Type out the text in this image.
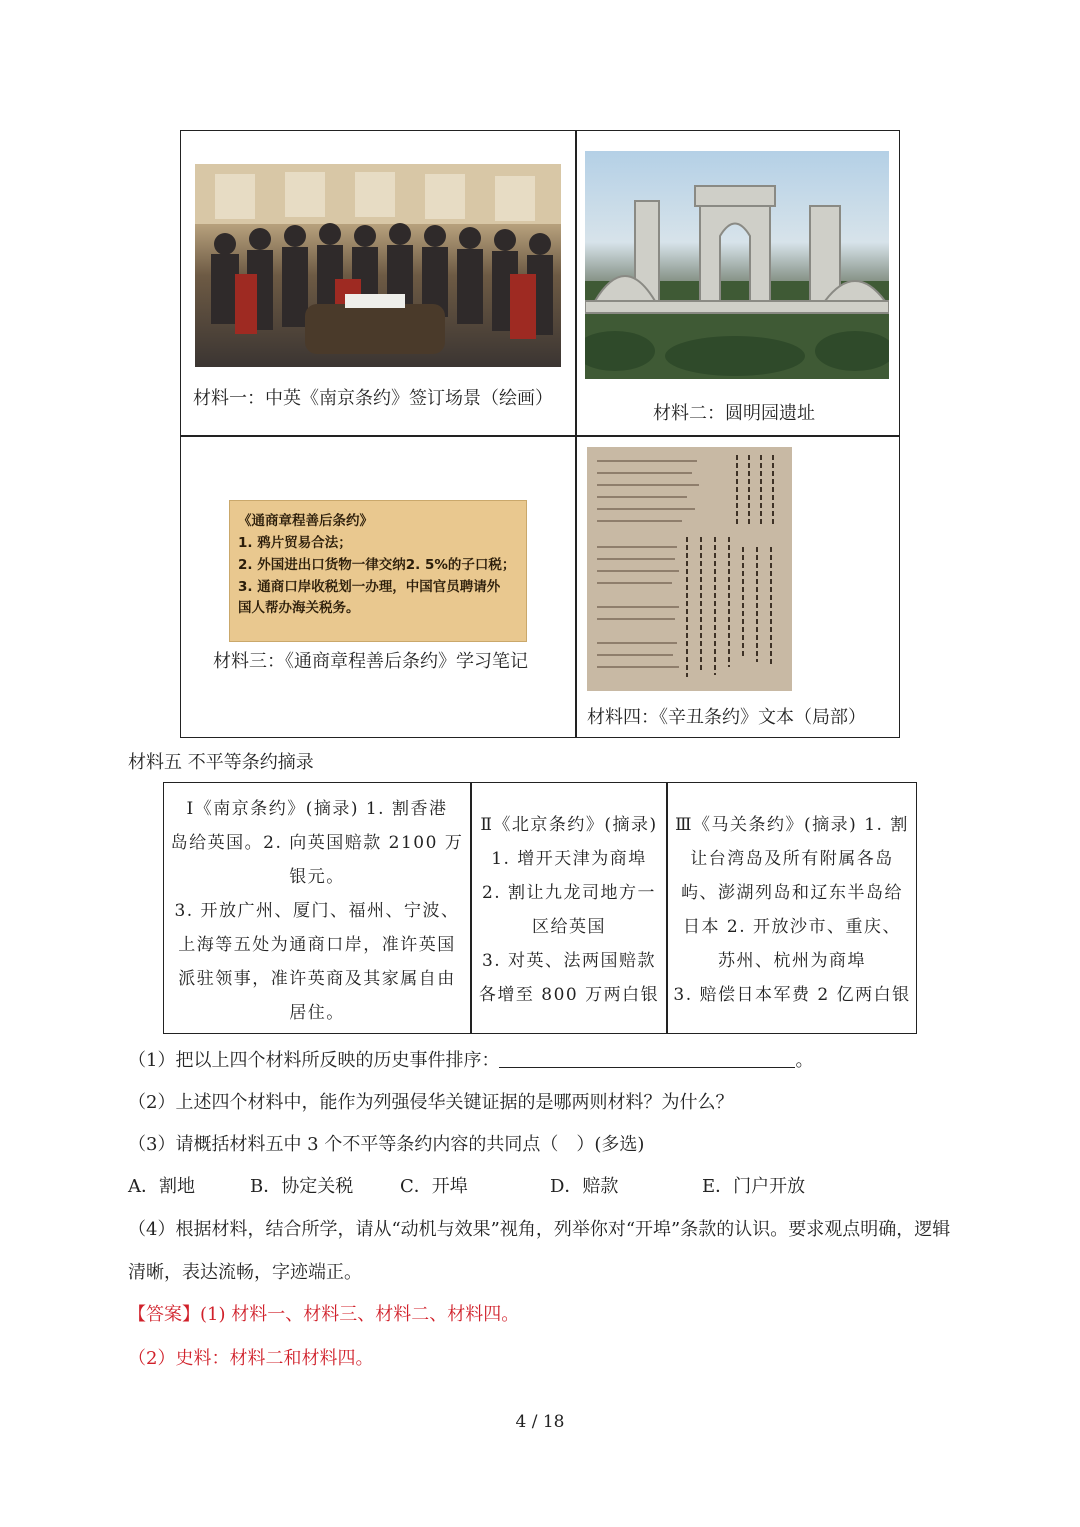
材料一：中英《南京条约》签订场景（绘画）
材料二：圆明园遗址
《通商章程善后条约》
1. 鸦片贸易合法；
2. 外国进出口货物一律交纳2. 5%的子口税；
3. 通商口岸收税划一办理，中国官员聘请外
国人帮办海关税务。
材料三：《通商章程善后条约》学习笔记
材料四：《辛丑条约》文本（局部）
材料五 不平等条约摘录
Ⅰ《南京条约》(摘录) 1. 割香港
岛给英国。2. 向英国赔款 2100 万
银元。
3. 开放广州、厦门、福州、宁波、
上海等五处为通商口岸，准许英国
派驻领事，准许英商及其家属自由
居住。
Ⅱ《北京条约》(摘录)
1. 增开天津为商埠
2. 割让九龙司地方一
区给英国
3. 对英、法两国赔款
各增至 800 万两白银
Ⅲ《马关条约》(摘录) 1. 割
让台湾岛及所有附属各岛
屿、澎湖列岛和辽东半岛给
日本 2. 开放沙市、重庆、
苏州、杭州为商埠
3. 赔偿日本军费 2 亿两白银
（1）把以上四个材料所反映的历史事件排序：	。
（2）上述四个材料中，能作为列强侵华关键证据的是哪两则材料？为什么？
（3）请概括材料五中 3 个不平等条约内容的共同点（　）(多选)
A．割地	B．协定关税	C．开埠	D．赔款	E．门户开放
（4）根据材料，结合所学，请从“动机与效果”视角，列举你对“开埠”条款的认识。要求观点明确，逻辑
清晰，表达流畅，字迹端正。
【答案】(1) 材料一、材料三、材料二、材料四。
（2）史料：材料二和材料四。
4 / 18
